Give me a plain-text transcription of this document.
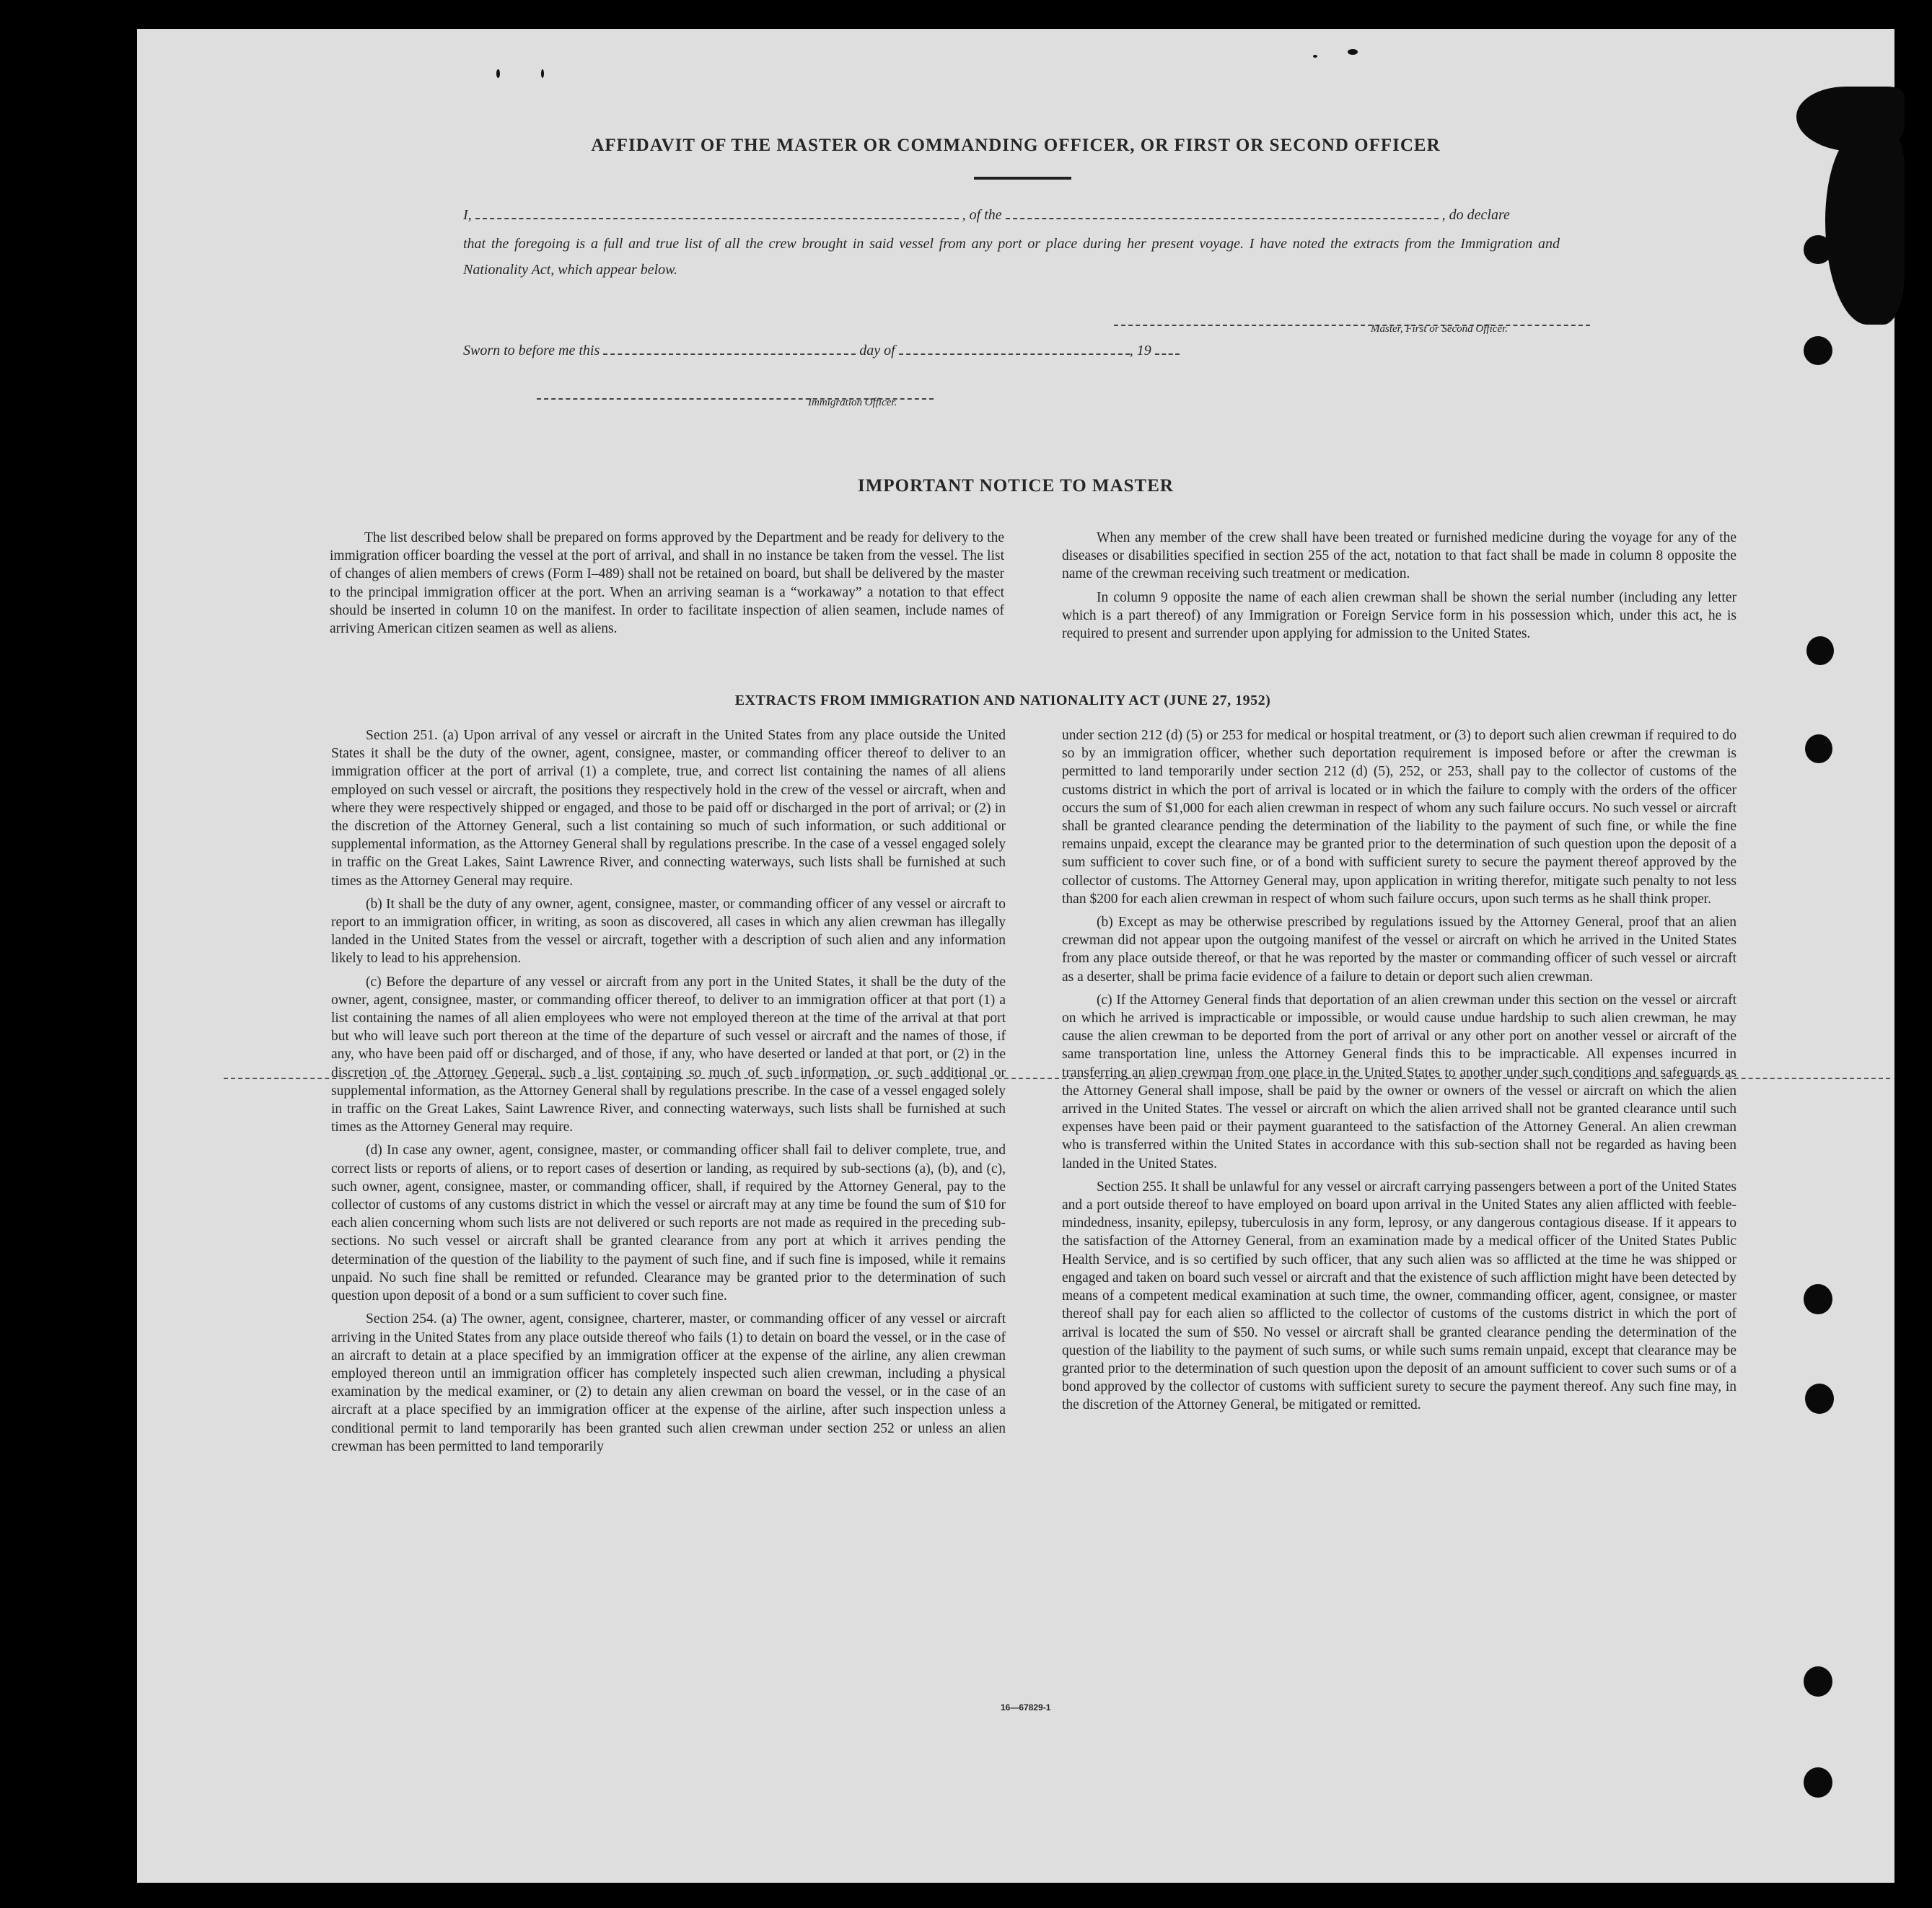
AFFIDAVIT OF THE MASTER OR COMMANDING OFFICER, OR FIRST OR SECOND OFFICER
I,	, of the	, do declare
that the foregoing is a full and true list of all the crew brought in said vessel from any port or place during her present voyage. I have noted the extracts from the Immigration and Nationality Act, which appear below.
Master, First or Second Officer.
Sworn to before me this	day of	, 19
Immigration Officer.
IMPORTANT NOTICE TO MASTER

The list described below shall be prepared on forms approved by the Department and be ready for delivery to the immigration officer boarding the vessel at the port of arrival, and shall in no instance be taken from the vessel. The list of changes of alien members of crews (Form I–489) shall not be retained on board, but shall be delivered by the master to the principal immigration officer at the port. When an arriving seaman is a “workaway” a notation to that effect should be inserted in column 10 on the manifest. In order to facilitate inspection of alien seamen, include names of arriving American citizen seamen as well as aliens.

When any member of the crew shall have been treated or furnished medicine during the voyage for any of the diseases or disabilities specified in section 255 of the act, notation to that fact shall be made in column 8 opposite the name of the crewman receiving such treatment or medication.

In column 9 opposite the name of each alien crewman shall be shown the serial number (including any letter which is a part thereof) of any Immigration or Foreign Service form in his possession which, under this act, he is required to present and surrender upon applying for admission to the United States.

EXTRACTS FROM IMMIGRATION AND NATIONALITY ACT (JUNE 27, 1952)

Section 251. (a) Upon arrival of any vessel or aircraft in the United States from any place outside the United States it shall be the duty of the owner, agent, consignee, master, or commanding officer thereof to deliver to an immigration officer at the port of arrival (1) a complete, true, and correct list containing the names of all aliens employed on such vessel or aircraft, the positions they respectively hold in the crew of the vessel or aircraft, when and where they were respectively shipped or engaged, and those to be paid off or discharged in the port of arrival; or (2) in the discretion of the Attorney General, such a list containing so much of such information, or such additional or supplemental information, as the Attorney General shall by regulations prescribe. In the case of a vessel engaged solely in traffic on the Great Lakes, Saint Lawrence River, and connecting waterways, such lists shall be furnished at such times as the Attorney General may require.

(b) It shall be the duty of any owner, agent, consignee, master, or commanding officer of any vessel or aircraft to report to an immigration officer, in writing, as soon as discovered, all cases in which any alien crewman has illegally landed in the United States from the vessel or aircraft, together with a description of such alien and any information likely to lead to his apprehension.

(c) Before the departure of any vessel or aircraft from any port in the United States, it shall be the duty of the owner, agent, consignee, master, or commanding officer thereof, to deliver to an immigration officer at that port (1) a list containing the names of all alien employees who were not employed thereon at the time of the arrival at that port but who will leave such port thereon at the time of the departure of such vessel or aircraft and the names of those, if any, who have been paid off or discharged, and of those, if any, who have deserted or landed at that port, or (2) in the discretion of the Attorney General, such a list containing so much of such information, or such additional or supplemental information, as the Attorney General shall by regulations prescribe. In the case of a vessel engaged solely in traffic on the Great Lakes, Saint Lawrence River, and connecting waterways, such lists shall be furnished at such times as the Attorney General may require.

(d) In case any owner, agent, consignee, master, or commanding officer shall fail to deliver complete, true, and correct lists or reports of aliens, or to report cases of desertion or landing, as required by sub-sections (a), (b), and (c), such owner, agent, consignee, master, or commanding officer, shall, if required by the Attorney General, pay to the collector of customs of any customs district in which the vessel or aircraft may at any time be found the sum of $10 for each alien concerning whom such lists are not delivered or such reports are not made as required in the preceding sub-sections. No such vessel or aircraft shall be granted clearance from any port at which it arrives pending the determination of the question of the liability to the payment of such fine, and if such fine is imposed, while it remains unpaid. No such fine shall be remitted or refunded. Clearance may be granted prior to the determination of such question upon deposit of a bond or a sum sufficient to cover such fine.

Section 254. (a) The owner, agent, consignee, charterer, master, or commanding officer of any vessel or aircraft arriving in the United States from any place outside thereof who fails (1) to detain on board the vessel, or in the case of an aircraft to detain at a place specified by an immigration officer at the expense of the airline, any alien crewman employed thereon until an immigration officer has completely inspected such alien crewman, including a physical examination by the medical examiner, or (2) to detain any alien crewman on board the vessel, or in the case of an aircraft at a place specified by an immigration officer at the expense of the airline, after such inspection unless a conditional permit to land temporarily has been granted such alien crewman under section 252 or unless an alien crewman has been permitted to land temporarily

under section 212 (d) (5) or 253 for medical or hospital treatment, or (3) to deport such alien crewman if required to do so by an immigration officer, whether such deportation requirement is imposed before or after the crewman is permitted to land temporarily under section 212 (d) (5), 252, or 253, shall pay to the collector of customs of the customs district in which the port of arrival is located or in which the failure to comply with the orders of the officer occurs the sum of $1,000 for each alien crewman in respect of whom any such failure occurs. No such vessel or aircraft shall be granted clearance pending the determination of the liability to the payment of such fine, or while the fine remains unpaid, except the clearance may be granted prior to the determination of such question upon the deposit of a sum sufficient to cover such fine, or of a bond with sufficient surety to secure the payment thereof approved by the collector of customs. The Attorney General may, upon application in writing therefor, mitigate such penalty to not less than $200 for each alien crewman in respect of whom such failure occurs, upon such terms as he shall think proper.

(b) Except as may be otherwise prescribed by regulations issued by the Attorney General, proof that an alien crewman did not appear upon the outgoing manifest of the vessel or aircraft on which he arrived in the United States from any place outside thereof, or that he was reported by the master or commanding officer of such vessel or aircraft as a deserter, shall be prima facie evidence of a failure to detain or deport such alien crewman.

(c) If the Attorney General finds that deportation of an alien crewman under this section on the vessel or aircraft on which he arrived is impracticable or impossible, or would cause undue hardship to such alien crewman, he may cause the alien crewman to be deported from the port of arrival or any other port on another vessel or aircraft of the same transportation line, unless the Attorney General finds this to be impracticable. All expenses incurred in transferring an alien crewman from one place in the United States to another under such conditions and safeguards as the Attorney General shall impose, shall be paid by the owner or owners of the vessel or aircraft on which the alien arrived in the United States. The vessel or aircraft on which the alien arrived shall not be granted clearance until such expenses have been paid or their payment guaranteed to the satisfaction of the Attorney General. An alien crewman who is transferred within the United States in accordance with this sub-section shall not be regarded as having been landed in the United States.

Section 255. It shall be unlawful for any vessel or aircraft carrying passengers between a port of the United States and a port outside thereof to have employed on board upon arrival in the United States any alien afflicted with feeble-mindedness, insanity, epilepsy, tuberculosis in any form, leprosy, or any dangerous contagious disease. If it appears to the satisfaction of the Attorney General, from an examination made by a medical officer of the United States Public Health Service, and is so certified by such officer, that any such alien was so afflicted at the time he was shipped or engaged and taken on board such vessel or aircraft and that the existence of such affliction might have been detected by means of a competent medical examination at such time, the owner, commanding officer, agent, consignee, or master thereof shall pay for each alien so afflicted to the collector of customs of the customs district in which the port of arrival is located the sum of $50. No vessel or aircraft shall be granted clearance pending the determination of the question of the liability to the payment of such sums, or while such sums remain unpaid, except that clearance may be granted prior to the determination of such question upon the deposit of an amount sufficient to cover such sums or of a bond approved by the collector of customs with sufficient surety to secure the payment thereof. Any such fine may, in the discretion of the Attorney General, be mitigated or remitted.

16—67829-1
